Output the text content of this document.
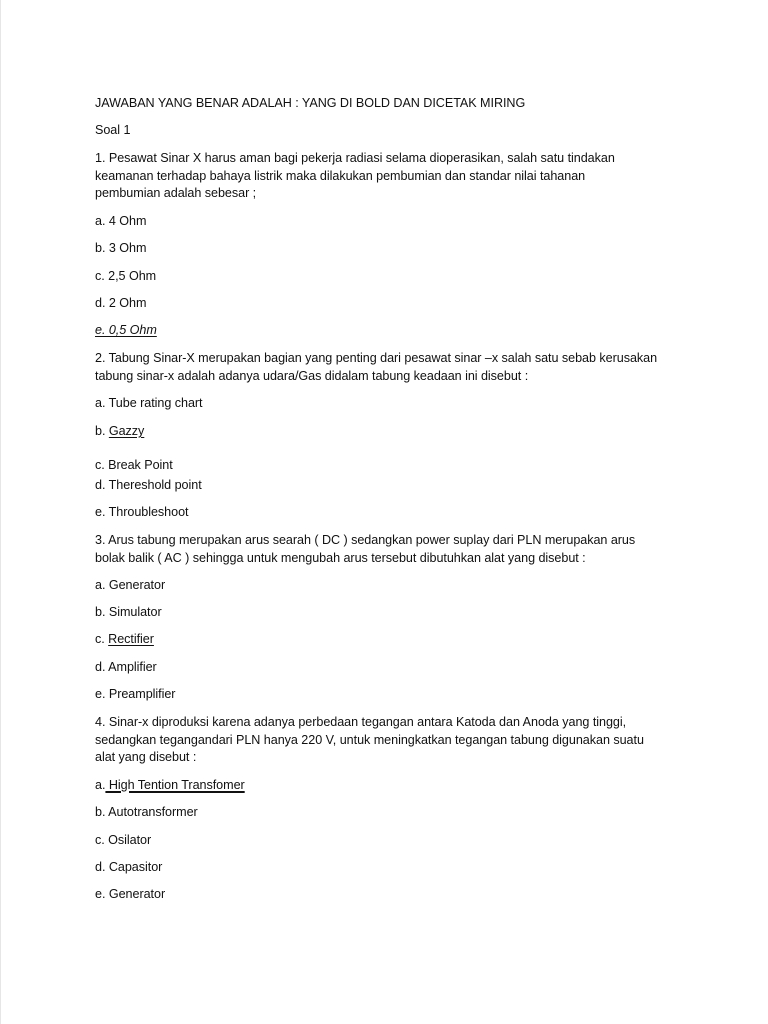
JAWABAN YANG BENAR ADALAH : YANG DI BOLD DAN DICETAK MIRING
Soal 1
1. Pesawat Sinar X harus aman bagi pekerja radiasi selama dioperasikan, salah satu tindakan
keamanan terhadap bahaya listrik maka dilakukan pembumian dan standar nilai tahanan
pembumian adalah sebesar ;
a. 4 Ohm
b. 3 Ohm
c. 2,5 Ohm
d. 2 Ohm
e. 0,5 Ohm
2. Tabung Sinar-X merupakan bagian yang penting dari pesawat sinar –x salah satu sebab kerusakan
tabung sinar-x adalah adanya udara/Gas didalam tabung keadaan ini disebut :
a. Tube rating chart
b. Gazzy
c. Break Point
d. Thereshold point
e. Throubleshoot
3. Arus tabung merupakan arus searah ( DC ) sedangkan power suplay dari PLN merupakan arus
bolak balik ( AC ) sehingga untuk mengubah arus tersebut dibutuhkan alat yang disebut :
a. Generator
b. Simulator
c. Rectifier
d. Amplifier
e. Preamplifier
4. Sinar-x diproduksi karena adanya perbedaan tegangan antara Katoda dan Anoda yang tinggi,
sedangkan tegangandari PLN hanya 220 V, untuk meningkatkan tegangan tabung digunakan suatu
alat yang disebut :
a. High Tention Transfomer
b. Autotransformer
c. Osilator
d. Capasitor
e. Generator
